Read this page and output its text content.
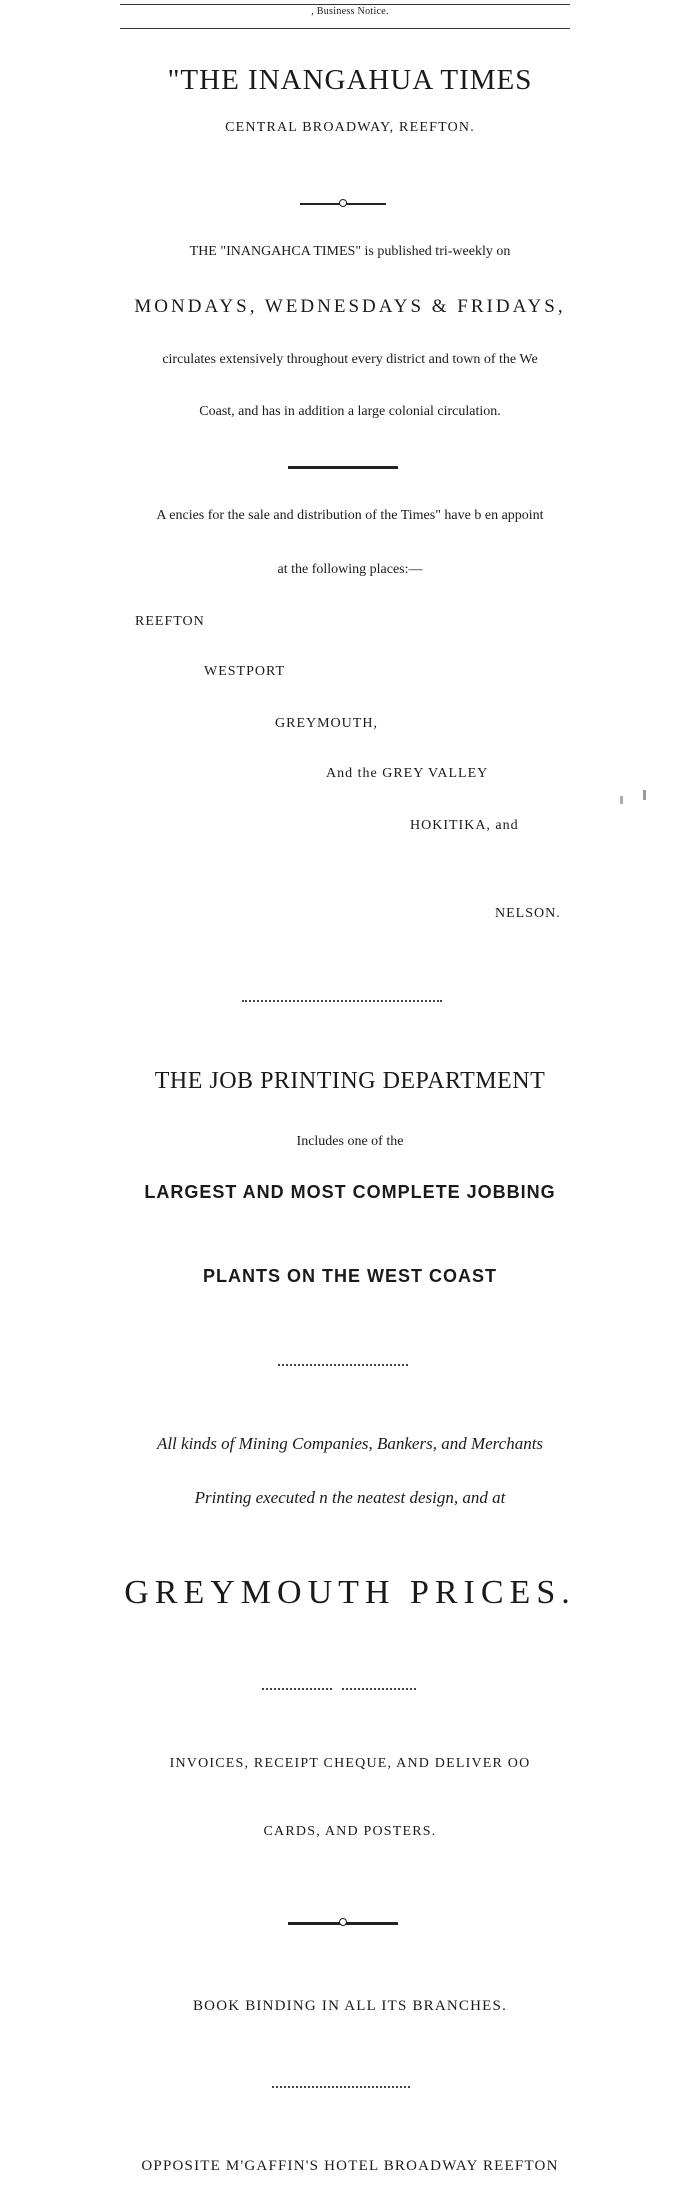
, Business Notice.
"THE INANGAHUA TIMES
CENTRAL BROADWAY, REEFTON.
THE "INANGAHCA TIMES" is published tri-weekly on
MONDAYS, WEDNESDAYS & FRIDAYS,
circulates extensively throughout every district and town of the We
Coast, and has in addition a large colonial circulation.
A encies for the sale and distribution of the Times" have b en appoint
at the following places:—
REEFTON
WESTPORT
GREYMOUTH,
And the GREY VALLEY
HOKITIKA, and
NELSON.
THE JOB PRINTING DEPARTMENT
Includes one of the
LARGEST AND MOST COMPLETE JOBBING
PLANTS ON THE WEST COAST
All kinds of Mining Companies, Bankers, and Merchants
Printing executed n the neatest design, and at
GREYMOUTH PRICES.
INVOICES, RECEIPT CHEQUE, AND DELIVER OO
CARDS, AND POSTERS.
BOOK BINDING IN ALL ITS BRANCHES.
OPPOSITE M'GAFFIN'S HOTEL BROADWAY REEFTON
